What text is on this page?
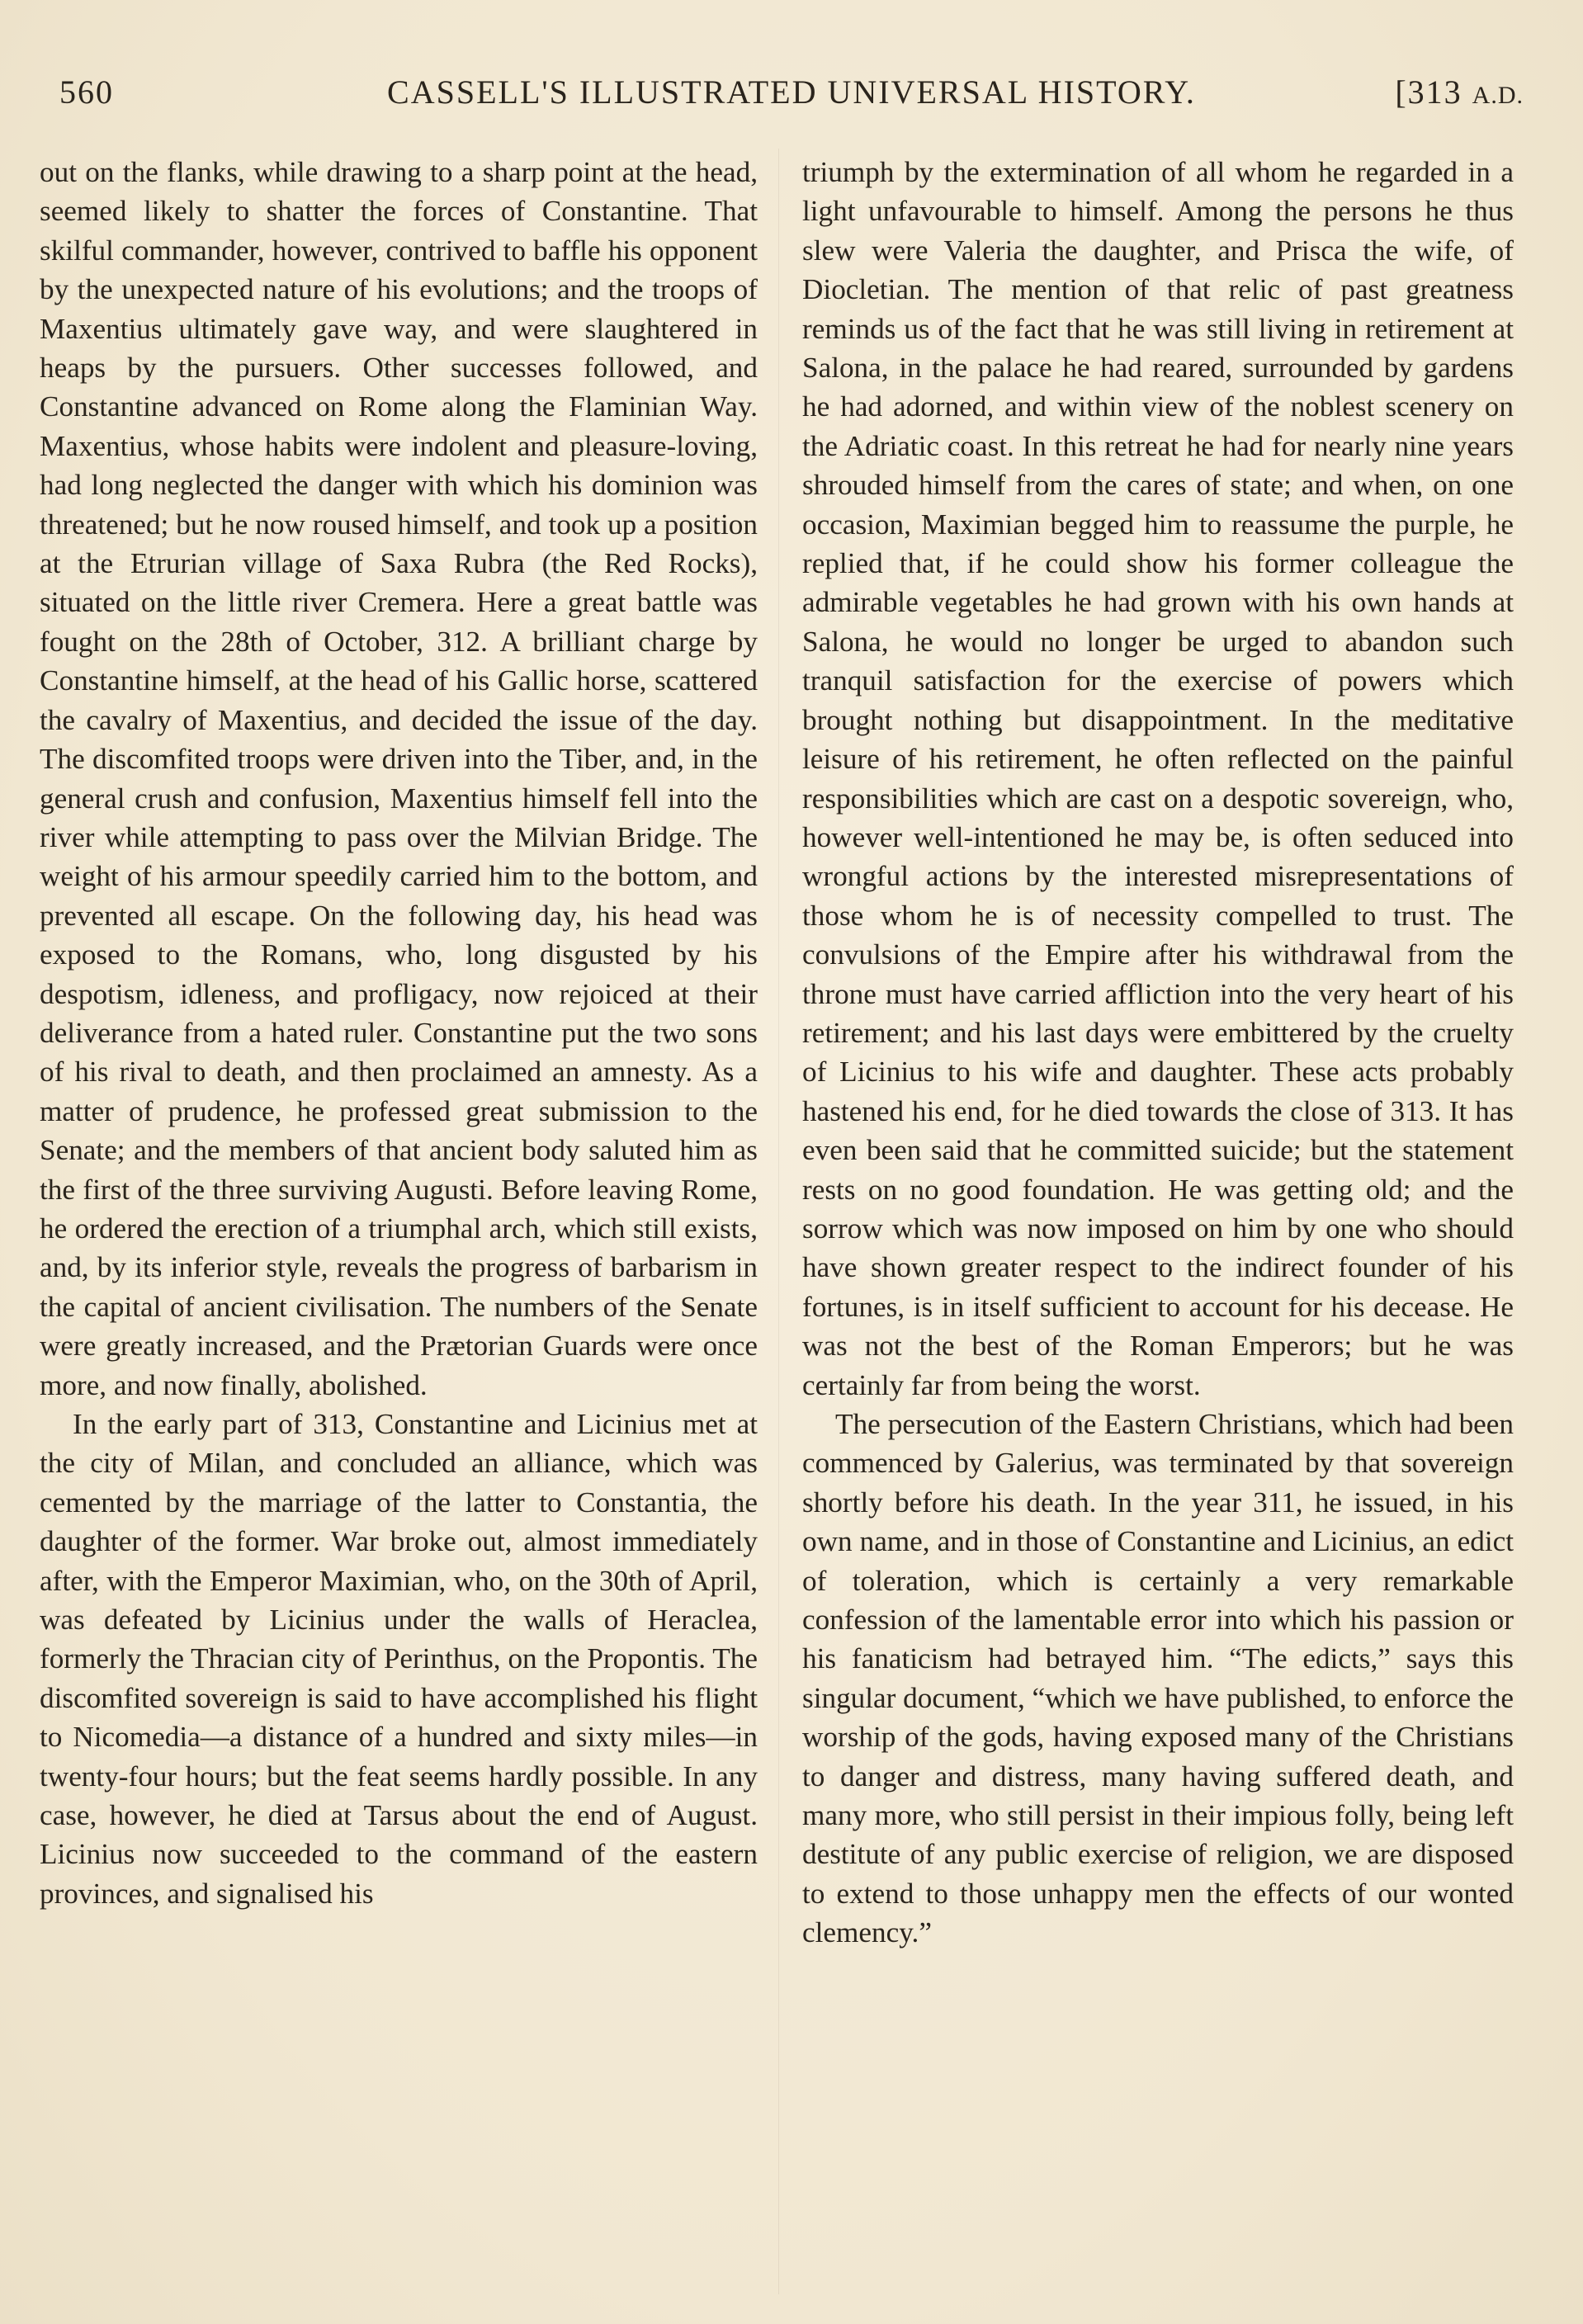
560	CASSELL'S ILLUSTRATED UNIVERSAL HISTORY.	[313 A.D.

out on the flanks, while drawing to a sharp point at the head, seemed likely to shatter the forces of Constantine. That skilful commander, however, contrived to baffle his opponent by the unexpected nature of his evolutions; and the troops of Maxentius ultimately gave way, and were slaughtered in heaps by the pursuers. Other successes followed, and Constantine advanced on Rome along the Flaminian Way. Maxentius, whose habits were indolent and pleasure-loving, had long neglected the danger with which his dominion was threatened; but he now roused himself, and took up a position at the Etrurian village of Saxa Rubra (the Red Rocks), situated on the little river Cremera. Here a great battle was fought on the 28th of October, 312. A brilliant charge by Constantine himself, at the head of his Gallic horse, scattered the cavalry of Maxentius, and decided the issue of the day. The discomfited troops were driven into the Tiber, and, in the general crush and confusion, Maxentius himself fell into the river while attempting to pass over the Milvian Bridge. The weight of his armour speedily carried him to the bottom, and prevented all escape. On the following day, his head was exposed to the Romans, who, long disgusted by his despotism, idleness, and profligacy, now rejoiced at their deliverance from a hated ruler. Constantine put the two sons of his rival to death, and then proclaimed an amnesty. As a matter of prudence, he professed great submission to the Senate; and the members of that ancient body saluted him as the first of the three surviving Augusti. Before leaving Rome, he ordered the erection of a triumphal arch, which still exists, and, by its inferior style, reveals the progress of barbarism in the capital of ancient civilisation. The numbers of the Senate were greatly increased, and the Prætorian Guards were once more, and now finally, abolished.

In the early part of 313, Constantine and Licinius met at the city of Milan, and concluded an alliance, which was cemented by the marriage of the latter to Constantia, the daughter of the former. War broke out, almost immediately after, with the Emperor Maximian, who, on the 30th of April, was defeated by Licinius under the walls of Heraclea, formerly the Thracian city of Perinthus, on the Propontis. The discomfited sovereign is said to have accomplished his flight to Nicomedia—a distance of a hundred and sixty miles—in twenty-four hours; but the feat seems hardly possible. In any case, however, he died at Tarsus about the end of August. Licinius now succeeded to the command of the eastern provinces, and signalised his

triumph by the extermination of all whom he regarded in a light unfavourable to himself. Among the persons he thus slew were Valeria the daughter, and Prisca the wife, of Diocletian. The mention of that relic of past greatness reminds us of the fact that he was still living in retirement at Salona, in the palace he had reared, surrounded by gardens he had adorned, and within view of the noblest scenery on the Adriatic coast. In this retreat he had for nearly nine years shrouded himself from the cares of state; and when, on one occasion, Maximian begged him to reassume the purple, he replied that, if he could show his former colleague the admirable vegetables he had grown with his own hands at Salona, he would no longer be urged to abandon such tranquil satisfaction for the exercise of powers which brought nothing but disappointment. In the meditative leisure of his retirement, he often reflected on the painful responsibilities which are cast on a despotic sovereign, who, however well-intentioned he may be, is often seduced into wrongful actions by the interested misrepresentations of those whom he is of necessity compelled to trust. The convulsions of the Empire after his withdrawal from the throne must have carried affliction into the very heart of his retirement; and his last days were embittered by the cruelty of Licinius to his wife and daughter. These acts probably hastened his end, for he died towards the close of 313. It has even been said that he committed suicide; but the statement rests on no good foundation. He was getting old; and the sorrow which was now imposed on him by one who should have shown greater respect to the indirect founder of his fortunes, is in itself sufficient to account for his decease. He was not the best of the Roman Emperors; but he was certainly far from being the worst.

The persecution of the Eastern Christians, which had been commenced by Galerius, was terminated by that sovereign shortly before his death. In the year 311, he issued, in his own name, and in those of Constantine and Licinius, an edict of toleration, which is certainly a very remarkable confession of the lamentable error into which his passion or his fanaticism had betrayed him. “The edicts,” says this singular document, “which we have published, to enforce the worship of the gods, having exposed many of the Christians to danger and distress, many having suffered death, and many more, who still persist in their impious folly, being left destitute of any public exercise of religion, we are disposed to extend to those unhappy men the effects of our wonted clemency.”
